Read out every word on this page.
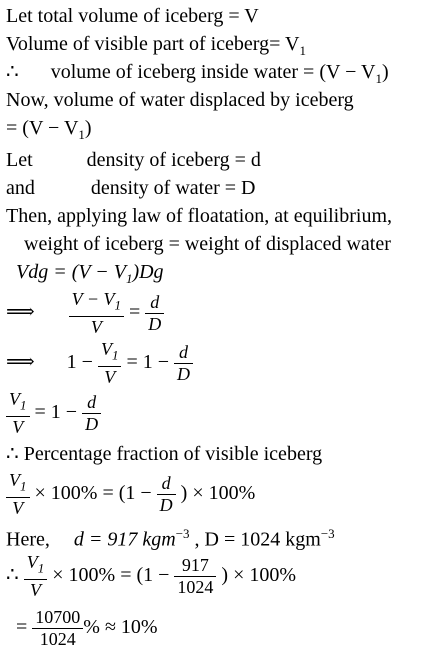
Let total volume of iceberg = V
Volume of visible part of iceberg= $V_1$
∴ volume of iceberg inside water = $(V - V_1)$
Now, volume of water displaced by iceberg
= $(V - V_1)$
Let	density of iceberg = d
and	density of water = D
Then, applying law of floatation, at equilibrium,
weight of iceberg = weight of displaced water
Vdg = $(V - V_1)Dg$
⟹ $\frac{V - V_1}{V} = \frac{d}{D}$
⟹ $1 - \frac{V_1}{V} = 1 - \frac{d}{D}$
$\frac{V_1}{V} = 1 - \frac{d}{D}$
∴ Percentage fraction of visible iceberg
$\frac{V_1}{V} \times 100\% = (1 - \frac{d}{D}$ ) × 100%
Here, d = 917 kgm$^{-3}$ , D = 1024 kgm$^{-3}$
∴ $\frac{V_1}{V} \times 100\% = (1 - \frac{917}{1024}$ ) × 100%
= $\frac{10700}{1024}$ % ≈ 10%
